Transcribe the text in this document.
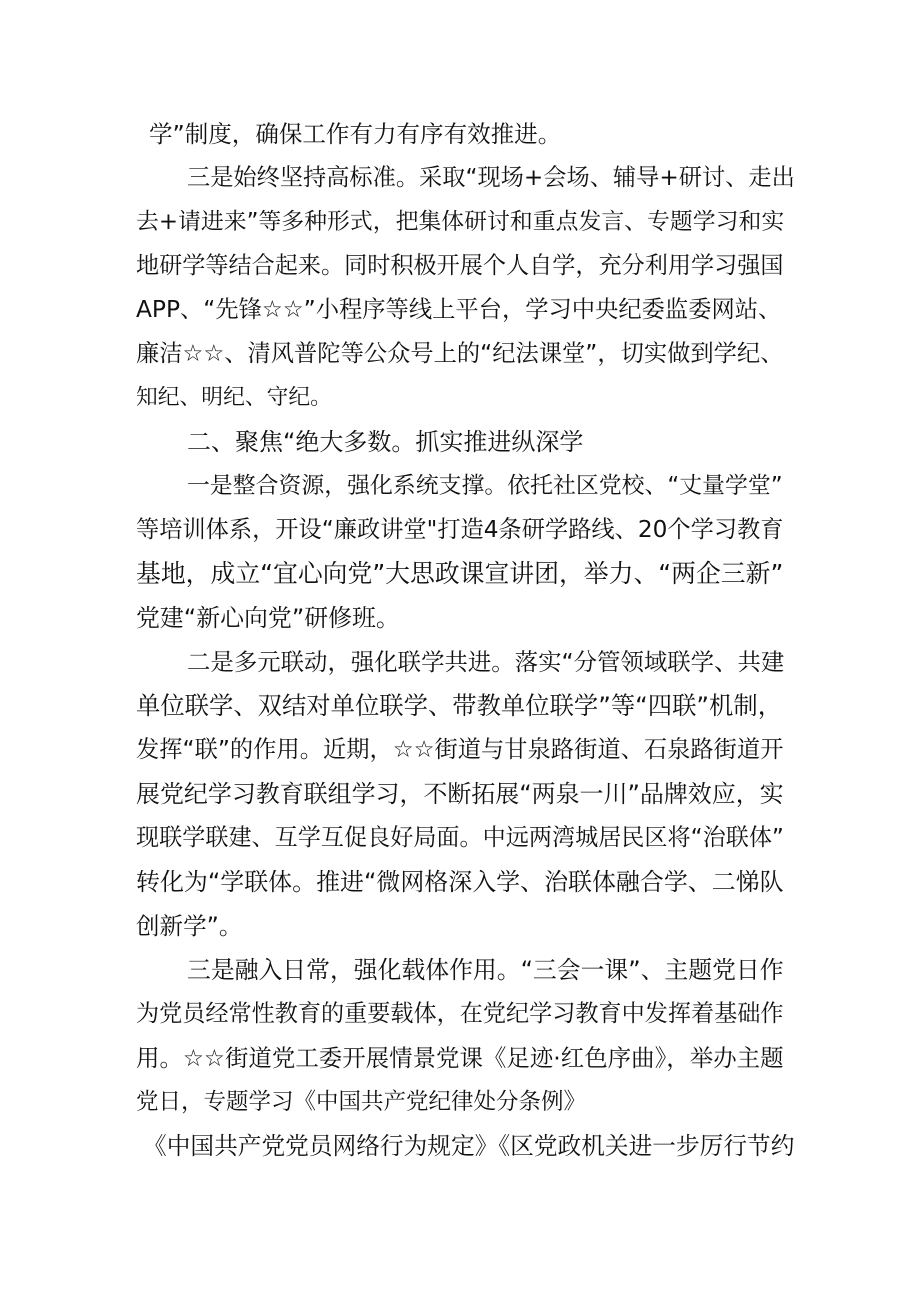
学”制度，确保工作有力有序有效推进。
三是始终坚持高标准。采取“现场+会场、辅导+研讨、走出
去+请进来”等多种形式，把集体研讨和重点发言、专题学习和实
地研学等结合起来。同时积极开展个人自学，充分利用学习强国
APP、“先锋☆☆”小程序等线上平台，学习中央纪委监委网站、
廉洁☆☆、清风普陀等公众号上的“纪法课堂”，切实做到学纪、
知纪、明纪、守纪。
二、聚焦“绝大多数。抓实推进纵深学
一是整合资源，强化系统支撑。依托社区党校、“丈量学堂”
等培训体系，开设“廉政讲堂"打造4条研学路线、20个学习教育
基地，成立“宜心向党”大思政课宣讲团，举力、“两企三新”
党建“新心向党”研修班。
二是多元联动，强化联学共进。落实“分管领域联学、共建
单位联学、双结对单位联学、带教单位联学”等“四联”机制，
发挥“联”的作用。近期，☆☆街道与甘泉路街道、石泉路街道开
展党纪学习教育联组学习，不断拓展“两泉一川”品牌效应，实
现联学联建、互学互促良好局面。中远两湾城居民区将“治联体”
转化为“学联体。推进“微网格深入学、治联体融合学、二悌队
创新学”。
三是融入日常，强化载体作用。“三会一课”、主题党日作
为党员经常性教育的重要载体，在党纪学习教育中发挥着基础作
用。☆☆街道党工委开展情景党课《足迹·红色序曲》，举办主题
党日，专题学习《中国共产党纪律处分条例》
《中国共产党党员网络行为规定》《区党政机关进一步厉行节约
